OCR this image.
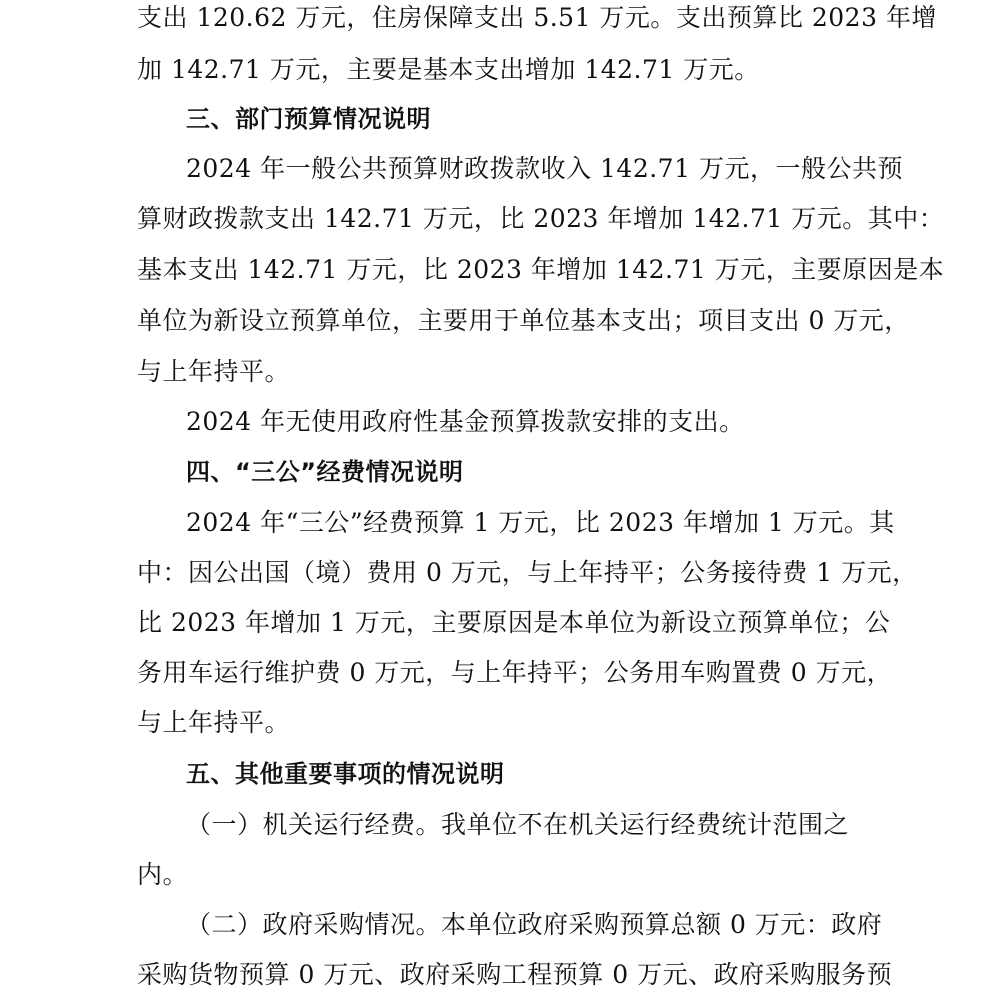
支出 120.62 万元，住房保障支出 5.51 万元。支出预算比 2023 年增
加 142.71 万元，主要是基本支出增加 142.71 万元。
三、部门预算情况说明
2024 年一般公共预算财政拨款收入 142.71 万元，一般公共预
算财政拨款支出 142.71 万元，比 2023 年增加 142.71 万元。其中：
基本支出 142.71 万元，比 2023 年增加 142.71 万元，主要原因是本
单位为新设立预算单位，主要用于单位基本支出；项目支出 0 万元，
与上年持平。
2024 年无使用政府性基金预算拨款安排的支出。
四、“三公”经费情况说明
2024 年“三公”经费预算 1 万元，比 2023 年增加 1 万元。其
中：因公出国（境）费用 0 万元，与上年持平；公务接待费 1 万元，
比 2023 年增加 1 万元，主要原因是本单位为新设立预算单位；公
务用车运行维护费 0 万元，与上年持平；公务用车购置费 0 万元，
与上年持平。
五、其他重要事项的情况说明
（一）机关运行经费。我单位不在机关运行经费统计范围之
内。
（二）政府采购情况。本单位政府采购预算总额 0 万元：政府
采购货物预算 0 万元、政府采购工程预算 0 万元、政府采购服务预
